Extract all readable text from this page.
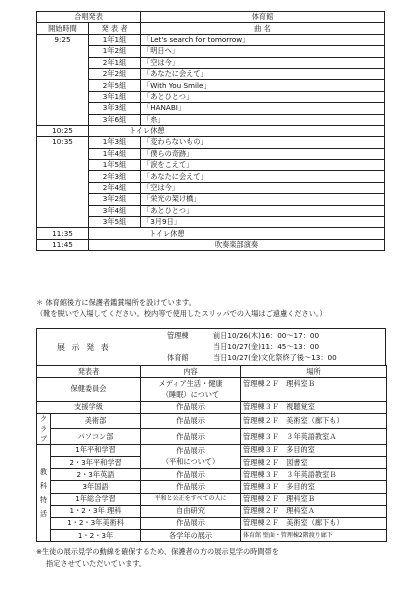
合唱発表		体育館
開始時間	発 表 者	曲 名
9:25	1年1組	「Let's search for tomorrow」
	1年2組	「明日へ」
	2年1組	「空は今」
	2年2組	「あなたに会えて」
	2年5組	「With You Smile」
	3年1組	「あとひとつ」
	3年3組	「HANABI」
	3年6組	「糸」
10:25	トイレ休憩	
10:35	1年3組	「変わらないもの」
	1年4組	「僕らの奇跡」
	1年5組	「涙をこえて」
	2年3組	「あなたに会えて」
	2年4組	「空は今」
	3年2組	「栄光の架け橋」
	3年4組	「あとひとつ」
	3年5組	「3月9日」
11:35	トイレ休憩	
11:45	吹奏楽部演奏	
＊ 体育館後方に保護者鑑賞場所を設けています。
（靴を脱いで入場してください。校内等で使用したスリッパでの入場はご遠慮ください。）
展 示 発 表
管理棟	前日10/26(木)16：00～17：00
当日10/27(金)11：45～13：00
体育館	当日10/27(金)文化祭終了後～13：00
発表者		内容	場所
保健委員会		メディア生活・健康	管理棟２Ｆ　理科室Ｂ
		（睡眠）について	
支援学級		作品展示	管理棟３Ｆ　視聴覚室
クラブ	美術部	作品展示	管理棟２Ｆ　美術室（廊下も）
	パソコン部	作品展示	管理棟３Ｆ　３年英語教室Ａ
教科特活	1年平和学習	作品展示	管理棟３Ｆ　多目的室
	2・3年平和学習	（平和について）	管理棟２Ｆ　図書室
	2・3年英語	作品展示	管理棟３Ｆ　３年英語教室Ｂ
	3年国語	作品展示	管理棟３Ｆ　多目的室
	1年総合学習	平和と公正をすべての人に	管理棟２Ｆ　理科室Ｂ
	1・2・3年 理科	自由研究	管理棟２Ｆ　理科室Ａ
	1・2・3年美術科	作品展示	管理棟２Ｆ　美術室（廊下も）
	1・2・3年	各学年の展示	体育館 壁面・管理棟2階渡り廊下
※生徒の展示見学の動線を確保するため、保護者の方の展示見学の時間帯を
指定させていただいています。
